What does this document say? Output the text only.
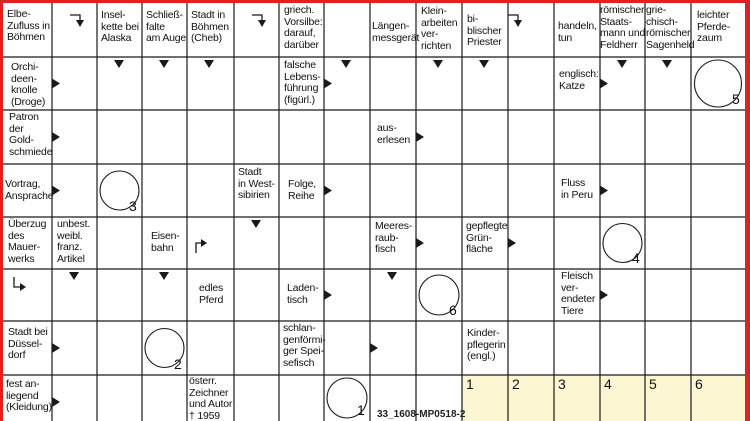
Elbe-
Zufluss in
Böhmen
Insel-
kette bei
Alaska
Schließ-
falte
am Auge
Stadt in
Böhmen
(Cheb)
griech.
Vorsilbe:
darauf,
darüber
Längen-
messgerät
Klein-
arbeiten
ver-
richten
bi-
blischer
Priester
handeln,
tun
römischer
Staats-
mann und
Feldherr
grie-
chisch-
römischer
Sagenheld
leichter
Pferde-
zaum
Orchi-
deen-
knolle
(Droge)
falsche
Lebens-
führung
(figürl.)
englisch:
Katze
Patron
der
Gold-
schmiede
aus-
erlesen
Vortrag,
Ansprache
Stadt
in West-
sibirien
Folge,
Reihe
Fluss
in Peru
Überzug
des
Mauer-
werks
unbest.
weibl.
franz.
Artikel
Eisen-
bahn
Meeres-
raub-
fisch
gepflegte
Grün-
fläche
edles
Pferd
Laden-
tisch
Fleisch
ver-
endeter
Tiere
Stadt bei
Düssel-
dorf
schlan-
genförmi-
ger Spei-
sefisch
Kinder-
pflegerin
(engl.)
fest an-
liegend
(Kleidung)
österr.
Zeichner
und Autor
† 1959
5
3
4
6
2
1
1	2	3	4	5	6
33_1608-MP0518-2
